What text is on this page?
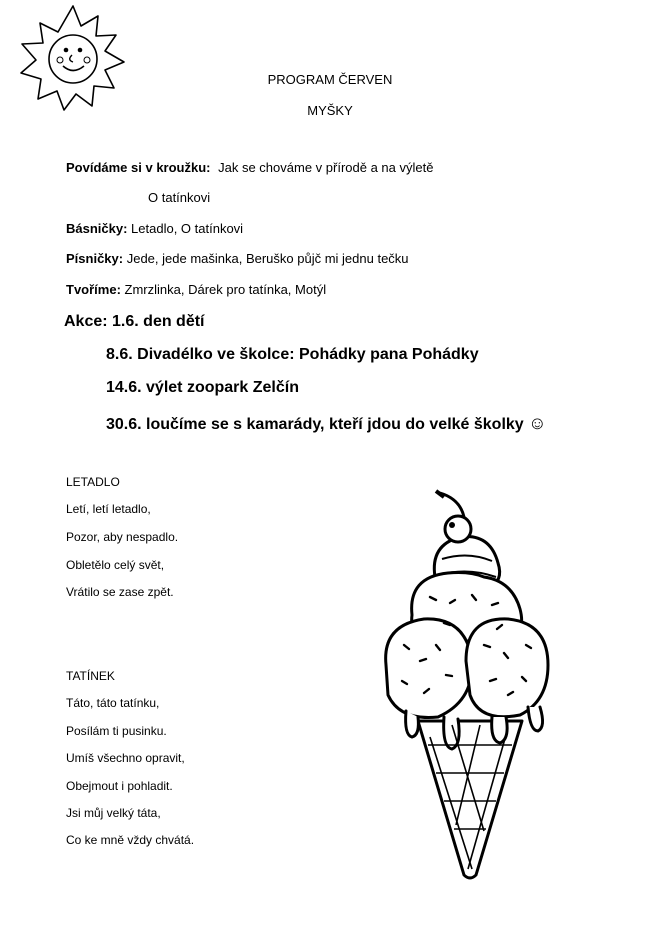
PROGRAM ČERVEN
MYŠKY
Povídáme si v kroužku: Jak se chováme v přírodě a na výletě
O tatínkovi
Básničky: Letadlo, O tatínkovi
Písničky: Jede, jede mašinka, Beruško půjč mi jednu tečku
Tvoříme: Zmrzlinka, Dárek pro tatínka, Motýl
Akce: 1.6. den dětí
8.6. Divadélko ve školce: Pohádky pana Pohádky
14.6. výlet zoopark Zelčín
30.6. loučíme se s kamarády, kteří jdou do velké školky ☺
LETADLO
Letí, letí letadlo,
Pozor, aby nespadlo.
Obletělo celý svět,
Vrátilo se zase zpět.
TATÍNEK
Táto, táto tatínku,
Posílám ti pusinku.
Umíš všechno opravit,
Obejmout i pohladit.
Jsi můj velký táta,
Co ke mně vždy chvátá.
